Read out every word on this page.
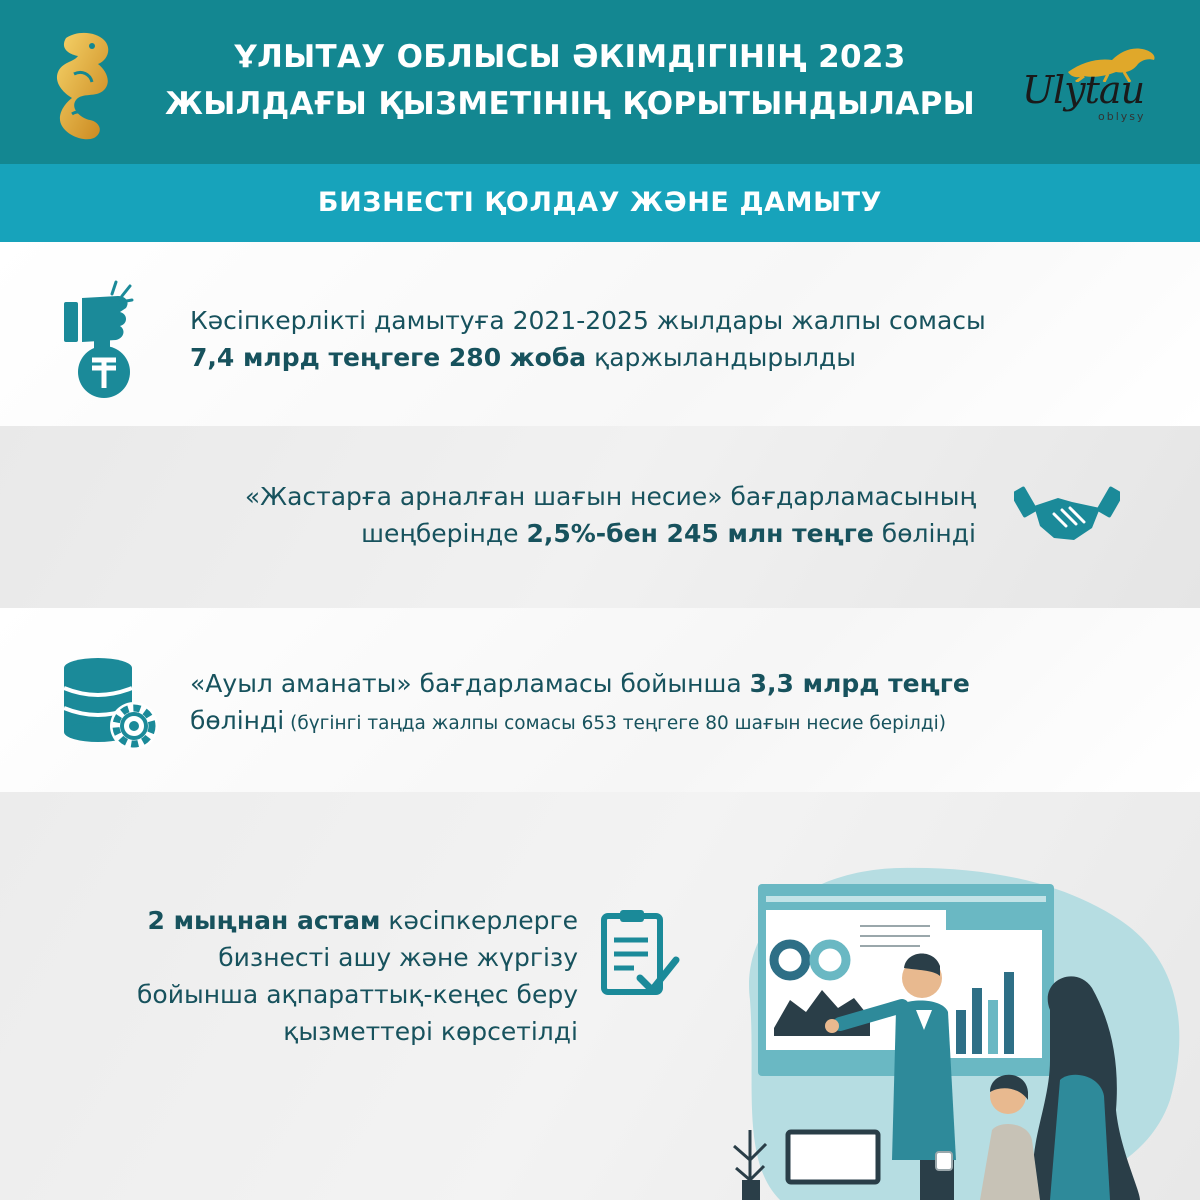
ҰЛЫТАУ ОБЛЫСЫ ӘКІМДІГІНІҢ 2023
ЖЫЛДАҒЫ ҚЫЗМЕТІНІҢ ҚОРЫТЫНДЫЛАРЫ	Ulytau
oblysy
БИЗНЕСТІ ҚОЛДАУ ЖӘНЕ ДАМЫТУ
Кәсіпкерлікті дамытуға 2021-2025 жылдары жалпы сомасы
7,4 млрд теңгеге 280 жоба қаржыландырылды
«Жастарға арналған шағын несие» бағдарламасының
шеңберінде 2,5%-бен 245 млн теңге бөлінді
«Ауыл аманаты» бағдарламасы бойынша 3,3 млрд теңге
бөлінді (бүгінгі таңда жалпы сомасы 653 теңгеге 80 шағын несие берілді)
2 мыңнан астам кәсіпкерлерге
бизнесті ашу және жүргізу
бойынша ақпараттық-кеңес беру
қызметтері көрсетілді
